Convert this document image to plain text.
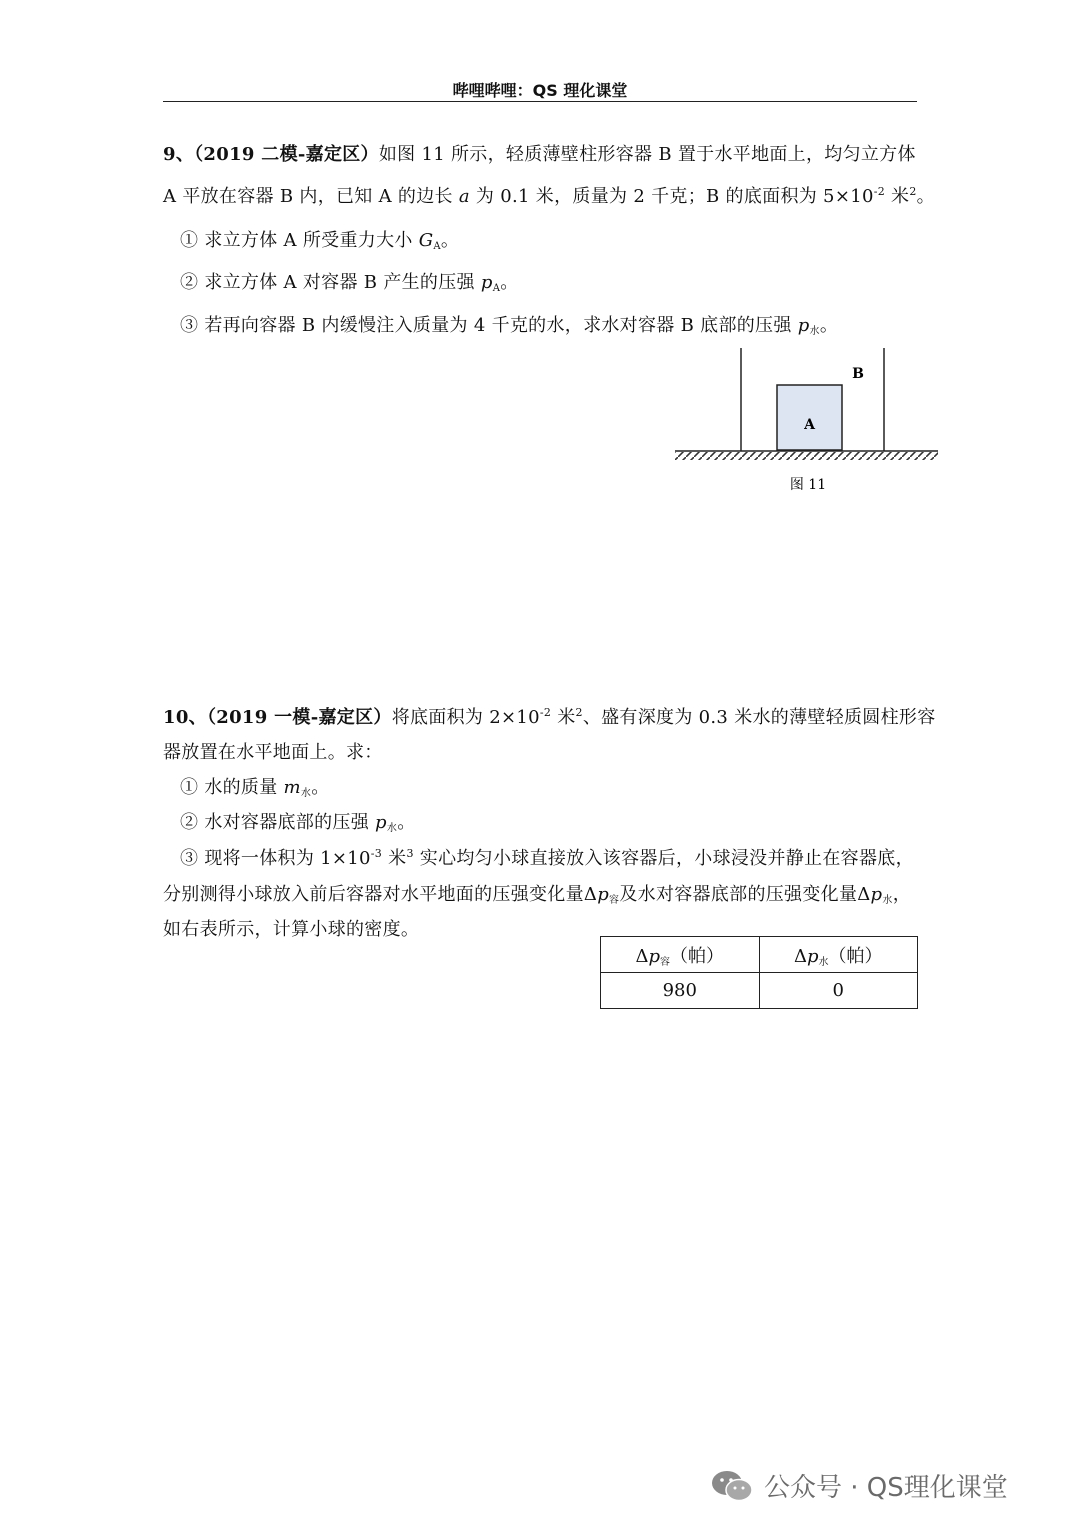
哔哩哔哩：QS 理化课堂
9、（2019 二模-嘉定区）如图 11 所示，轻质薄壁柱形容器 B 置于水平地面上，均匀立方体
A 平放在容器 B 内，已知 A 的边长 a 为 0.1 米，质量为 2 千克；B 的底面积为 $5\times 10^{-2}$ 米$^2$。
① 求立方体 A 所受重力大小 $G_A$。
② 求立方体 A 对容器 B 产生的压强 $p_A$。
③ 若再向容器 B 内缓慢注入质量为 4 千克的水，求水对容器 B 底部的压强 $p_水$。
A
B
图 11
10、（2019 一模-嘉定区）将底面积为 $2\times 10^{-2}$ 米$^2$、盛有深度为 0.3 米水的薄壁轻质圆柱形容
器放置在水平地面上。求：
① 水的质量 $m_水$。
② 水对容器底部的压强 $p_水$。
③ 现将一体积为 $1\times 10^{-3}$ 米$^3$ 实心均匀小球直接放入该容器后，小球浸没并静止在容器底，
分别测得小球放入前后容器对水平地面的压强变化量$\Delta p_容$及水对容器底部的压强变化量$\Delta p_水$，
如右表所示，计算小球的密度。
$\Delta p_容$（帕）	$\Delta p_水$（帕）
980	0
公众号 · QS理化课堂
